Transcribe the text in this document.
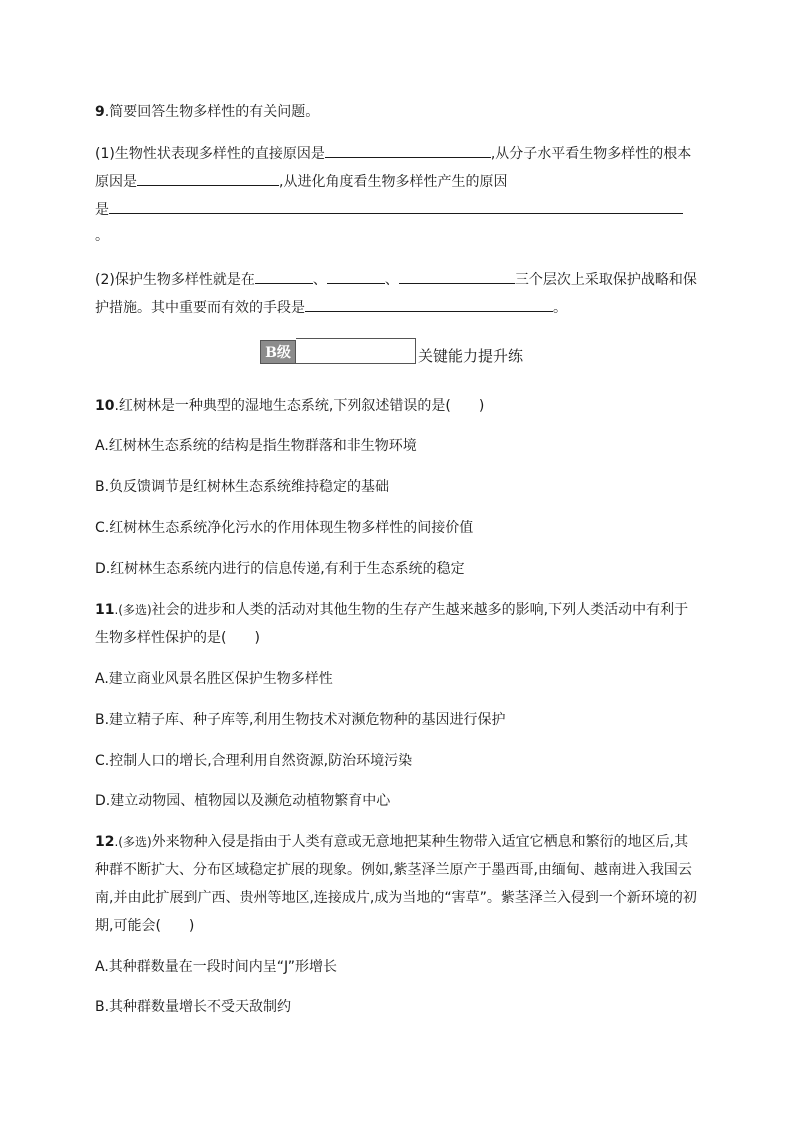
9.简要回答生物多样性的有关问题。
(1)生物性状表现多样性的直接原因是	,从分子水平看生物多样性的根本
原因是	,从进化角度看生物多样性产生的原因
是
。
(2)保护生物多样性就是在	、	、	三个层次上采取保护战略和保
护措施。其中重要而有效的手段是	。
B级	关键能力提升练
10.红树林是一种典型的湿地生态系统,下列叙述错误的是(　　)
A.红树林生态系统的结构是指生物群落和非生物环境
B.负反馈调节是红树林生态系统维持稳定的基础
C.红树林生态系统净化污水的作用体现生物多样性的间接价值
D.红树林生态系统内进行的信息传递,有利于生态系统的稳定
11.(多选)社会的进步和人类的活动对其他生物的生存产生越来越多的影响,下列人类活动中有利于
生物多样性保护的是(　　)
A.建立商业风景名胜区保护生物多样性
B.建立精子库、种子库等,利用生物技术对濒危物种的基因进行保护
C.控制人口的增长,合理利用自然资源,防治环境污染
D.建立动物园、植物园以及濒危动植物繁育中心
12.(多选)外来物种入侵是指由于人类有意或无意地把某种生物带入适宜它栖息和繁衍的地区后,其
种群不断扩大、分布区域稳定扩展的现象。例如,紫茎泽兰原产于墨西哥,由缅甸、越南进入我国云
南,并由此扩展到广西、贵州等地区,连接成片,成为当地的“害草”。紫茎泽兰入侵到一个新环境的初
期,可能会(　　)
A.其种群数量在一段时间内呈“J”形增长
B.其种群数量增长不受天敌制约
